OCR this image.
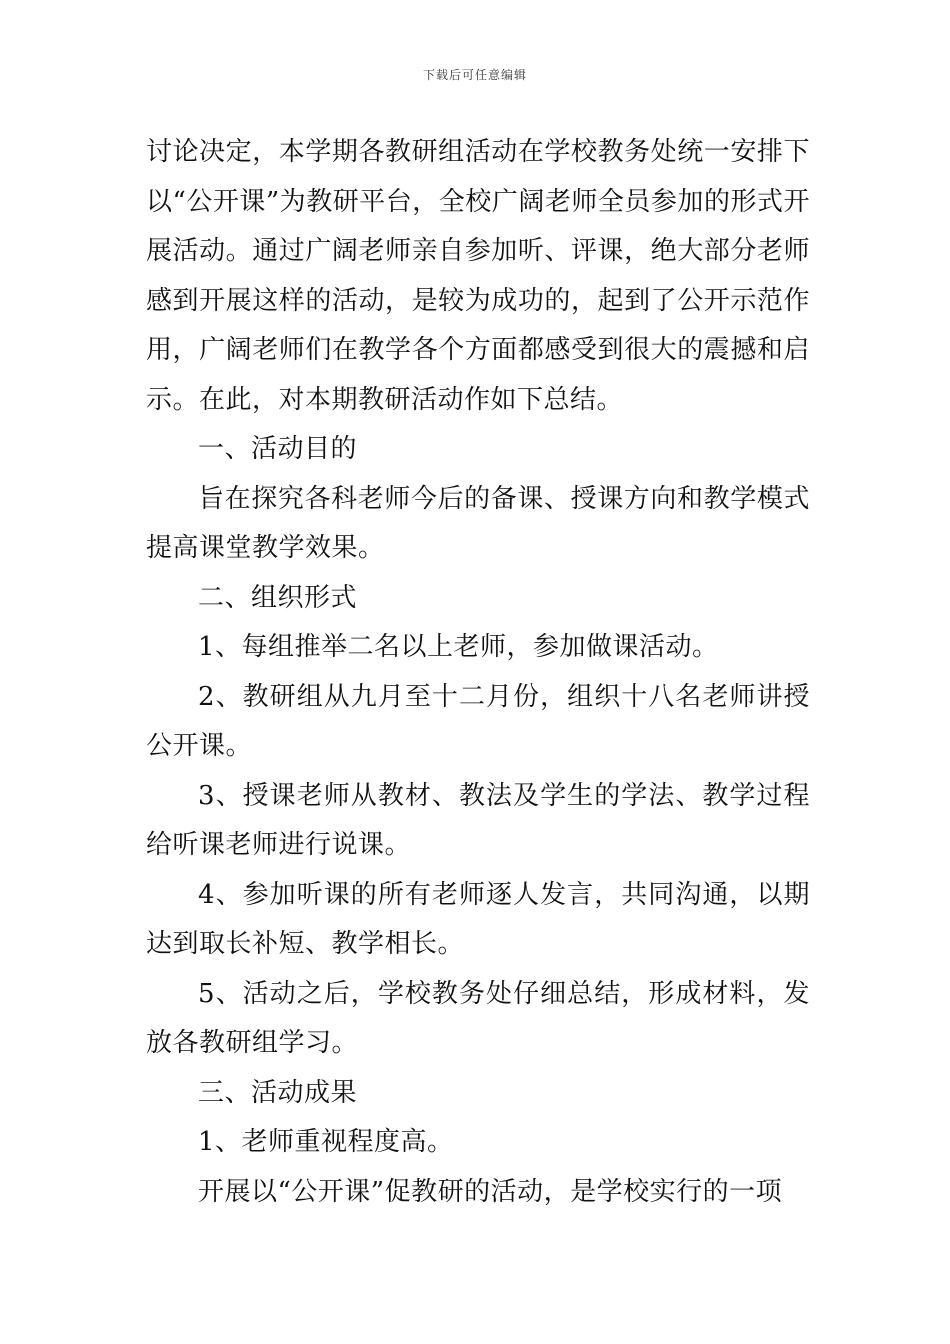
下载后可任意编辑

讨论决定，本学期各教研组活动在学校教务处统一安排下以“公开课”为教研平台，全校广阔老师全员参加的形式开展活动。通过广阔老师亲自参加听、评课，绝大部分老师感到开展这样的活动，是较为成功的，起到了公开示范作用，广阔老师们在教学各个方面都感受到很大的震撼和启示。在此，对本期教研活动作如下总结。

一、活动目的

旨在探究各科老师今后的备课、授课方向和教学模式提高课堂教学效果。

二、组织形式

1、每组推举二名以上老师，参加做课活动。

2、教研组从九月至十二月份，组织十八名老师讲授公开课。

3、授课老师从教材、教法及学生的学法、教学过程给听课老师进行说课。

4、参加听课的所有老师逐人发言，共同沟通，以期达到取长补短、教学相长。

5、活动之后，学校教务处仔细总结，形成材料，发放各教研组学习。

三、活动成果

1、老师重视程度高。

开展以“公开课”促教研的活动，是学校实行的一项
